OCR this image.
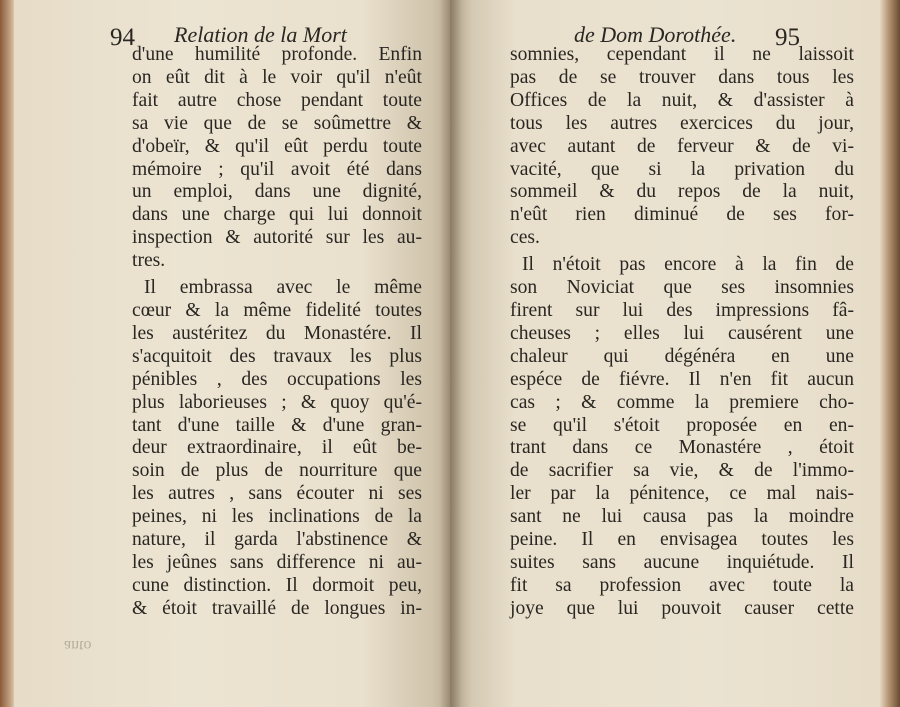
94 Relation de la Mort
d'une humilité profonde. Enfin
on eût dit à le voir qu'il n'eût
fait autre chose pendant toute
sa vie que de se soûmettre &
d'obeïr, & qu'il eût perdu toute
mémoire ; qu'il avoit été dans
un emploi, dans une dignité,
dans une charge qui lui donnoit
inspection & autorité sur les au-
tres.
Il embrassa avec le même
cœur & la même fidelité toutes
les austéritez du Monastére. Il
s'acquitoit des travaux les plus
pénibles , des occupations les
plus laborieuses ; & quoy qu'é-
tant d'une taille & d'une gran-
deur extraordinaire, il eût be-
soin de plus de nourriture que
les autres , sans écouter ni ses
peines, ni les inclinations de la
nature, il garda l'abstinence &
les jeûnes sans difference ni au-
cune distinction. Il dormoit peu,
& étoit travaillé de longues in-
anto
de Dom Dorothée. 95
somnies, cependant il ne laissoit
pas de se trouver dans tous les
Offices de la nuit, & d'assister à
tous les autres exercices du jour,
avec autant de ferveur & de vi-
vacité, que si la privation du
sommeil & du repos de la nuit,
n'eût rien diminué de ses for-
ces.
Il n'étoit pas encore à la fin de
son Noviciat que ses insomnies
firent sur lui des impressions fâ-
cheuses ; elles lui causérent une
chaleur qui dégénéra en une
espéce de fiévre. Il n'en fit aucun
cas ; & comme la premiere cho-
se qu'il s'étoit proposée en en-
trant dans ce Monastére , étoit
de sacrifier sa vie, & de l'immo-
ler par la pénitence, ce mal nais-
sant ne lui causa pas la moindre
peine. Il en envisagea toutes les
suites sans aucune inquiétude. Il
fit sa profession avec toute la
joye que lui pouvoit causer cette
